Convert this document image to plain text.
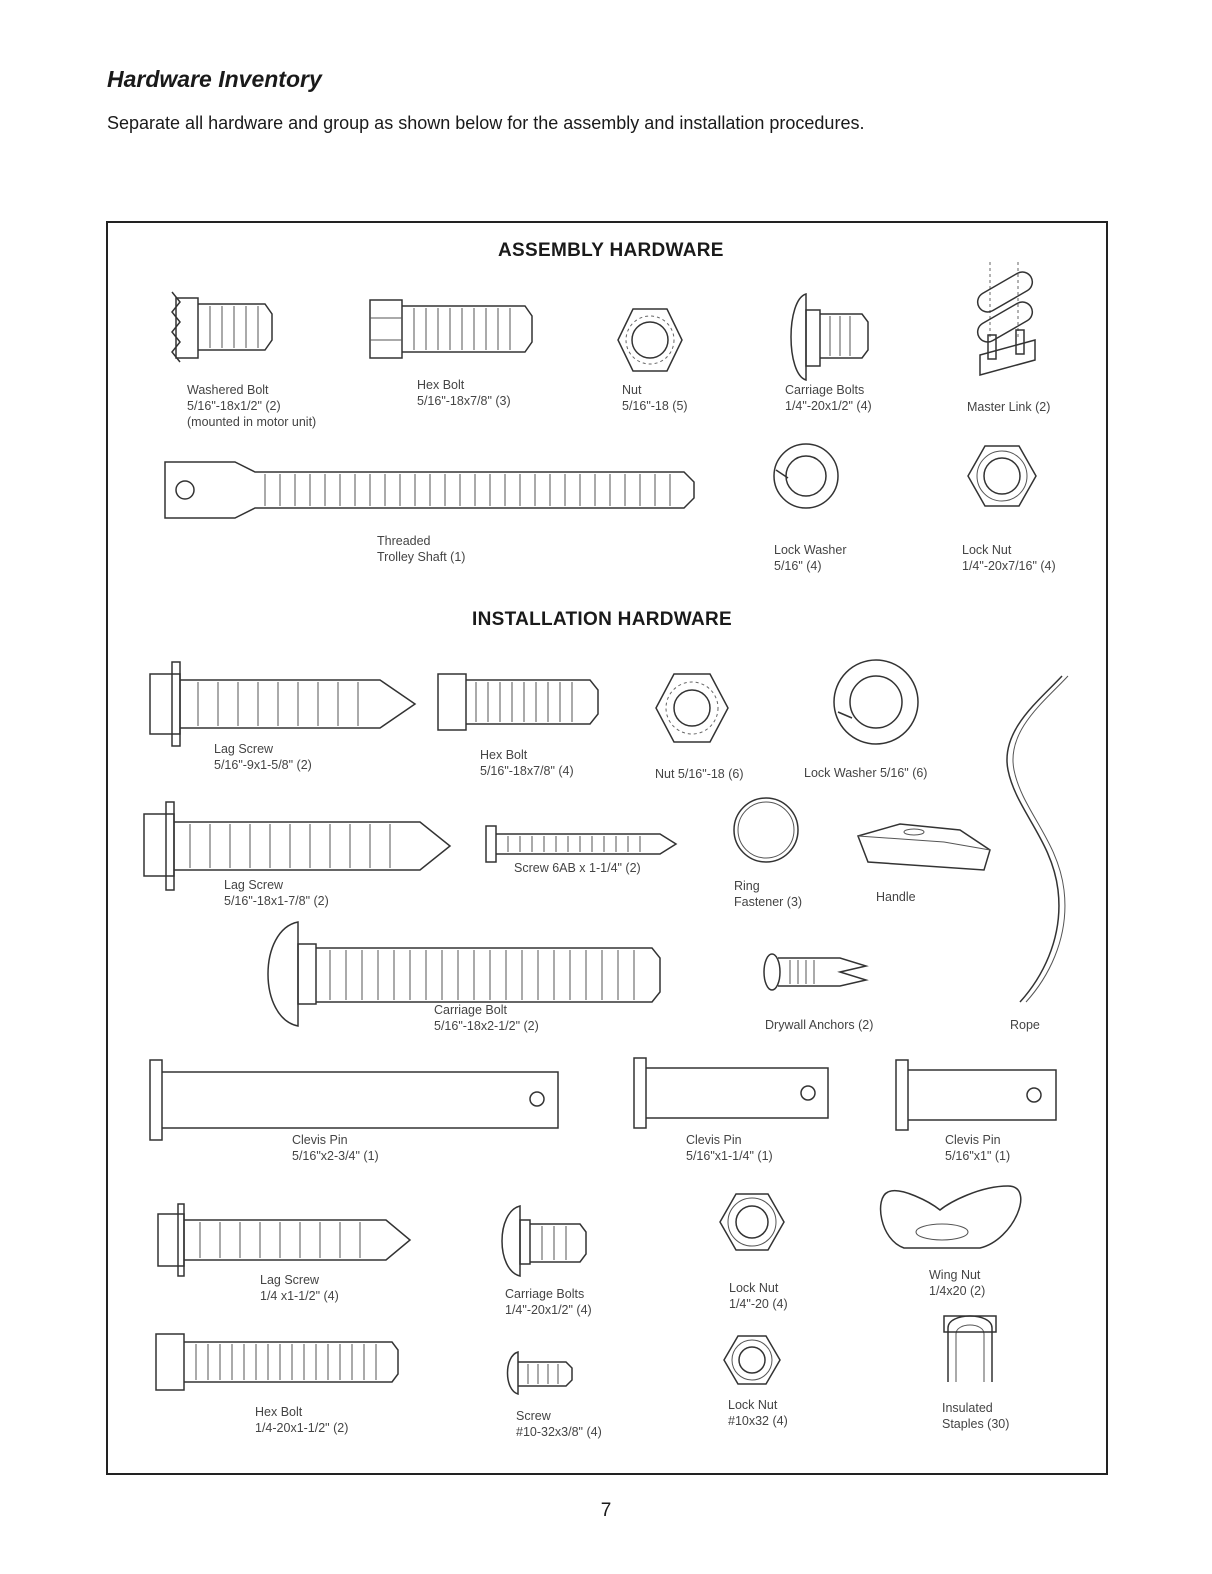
Hardware Inventory

Separate all hardware and group as shown below for the assembly and installation procedures.

ASSEMBLY HARDWARE
INSTALLATION HARDWARE
Washered Bolt
5/16"-18x1/2" (2)
(mounted in motor unit)
Hex Bolt
5/16"-18x7/8" (3)
Nut
5/16"-18 (5)
Carriage Bolts
1/4"-20x1/2" (4)	Master Link (2)
Threaded
Trolley Shaft (1)	Lock Washer
5/16" (4)
Lock Nut
1/4"-20x7/16" (4)
Lag Screw
5/16"-9x1-5/8" (2)
Hex Bolt
5/16"-18x7/8" (4)	Nut 5/16"-18 (6)	Lock Washer 5/16" (6)
Lag Screw
5/16"-18x1-7/8" (2)
Screw 6AB x 1-1/4" (2)
Ring
Fastener (3)	Handle
Carriage Bolt
5/16"-18x2-1/2" (2)	Drywall Anchors (2)	Rope
Clevis Pin
5/16"x2-3/4" (1)
Clevis Pin
5/16"x1-1/4" (1)
Clevis Pin
5/16"x1" (1)
Lag Screw
1/4 x1-1/2" (4)	Carriage Bolts
1/4"-20x1/2" (4)
Lock Nut
1/4"-20 (4)
Wing Nut
1/4x20 (2)
Hex Bolt
1/4-20x1-1/2" (2)
Screw
#10-32x3/8" (4)
Lock Nut
#10x32 (4)
Insulated
Staples (30)
7
